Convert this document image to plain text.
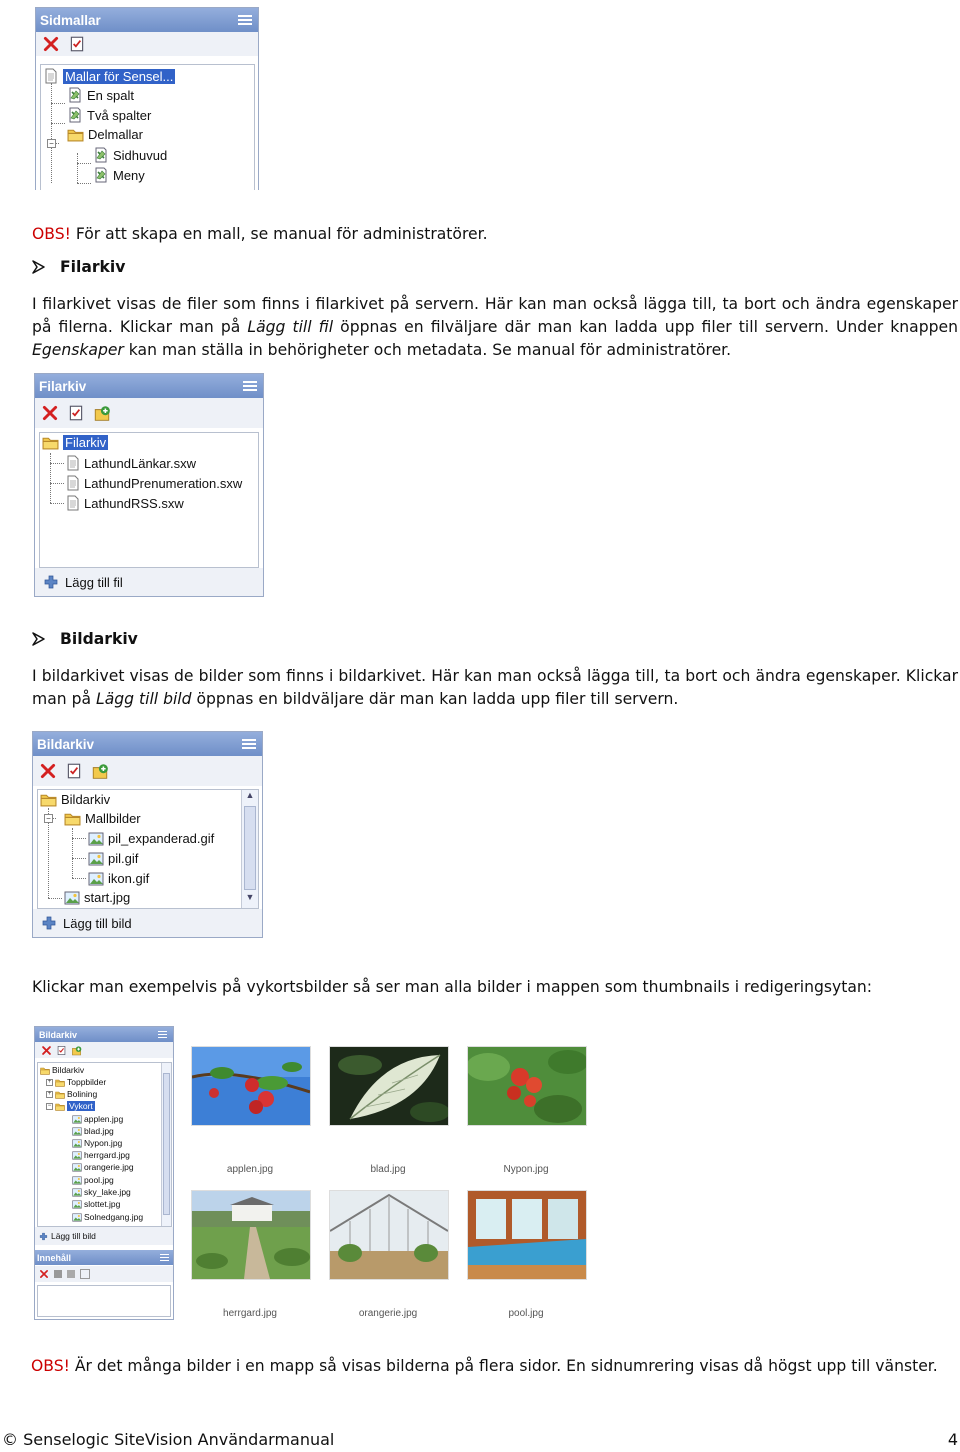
Sidmallar
−
Mallar för Sensel...
En spalt
Två spalter
Delmallar
Sidhuvud
Meny
OBS! För att skapa en mall, se manual för administratörer.
Filarkiv
I filarkivet visas de filer som finns i filarkivet på servern. Här kan man också lägga till, ta bort och ändra egenskaper på filerna. Klickar man på Lägg till fil öppnas en filväljare där man kan ladda upp filer till servern. Under knappen Egenskaper kan man ställa in behörigheter och metadata. Se manual för administratörer.
Filarkiv
Filarkiv
LathundLänkar.sxw
LathundPrenumeration.sxw
LathundRSS.sxw
Lägg till fil
Bildarkiv
I bildarkivet visas de bilder som finns i bildarkivet. Här kan man också lägga till, ta bort och ändra egenskaper. Klickar man på Lägg till bild öppnas en bildväljare där man kan ladda upp filer till servern.
Bildarkiv
−
Bildarkiv
Mallbilder
pil_expanderad.gif
pil.gif
ikon.gif
start.jpg
▲
▼
Lägg till bild
Klickar man exempelvis på vykortsbilder så ser man alla bilder i mappen som thumbnails i redigeringsytan:
Bildarkiv
Bildarkiv
+ Toppbilder
+ Bolining
− Vykort
applen.jpg
blad.jpg
Nypon.jpg
herrgard.jpg
orangerie.jpg
pool.jpg
sky_lake.jpg
slottet.jpg
Solnedgang.jpg
Lägg till bild
Innehåll
applen.jpg	blad.jpg	Nypon.jpg
herrgard.jpg	orangerie.jpg	pool.jpg
OBS! Är det många bilder i en mapp så visas bilderna på flera sidor. En sidnumrering visas då högst upp till vänster.
© Senselogic SiteVision Användarmanual	4
